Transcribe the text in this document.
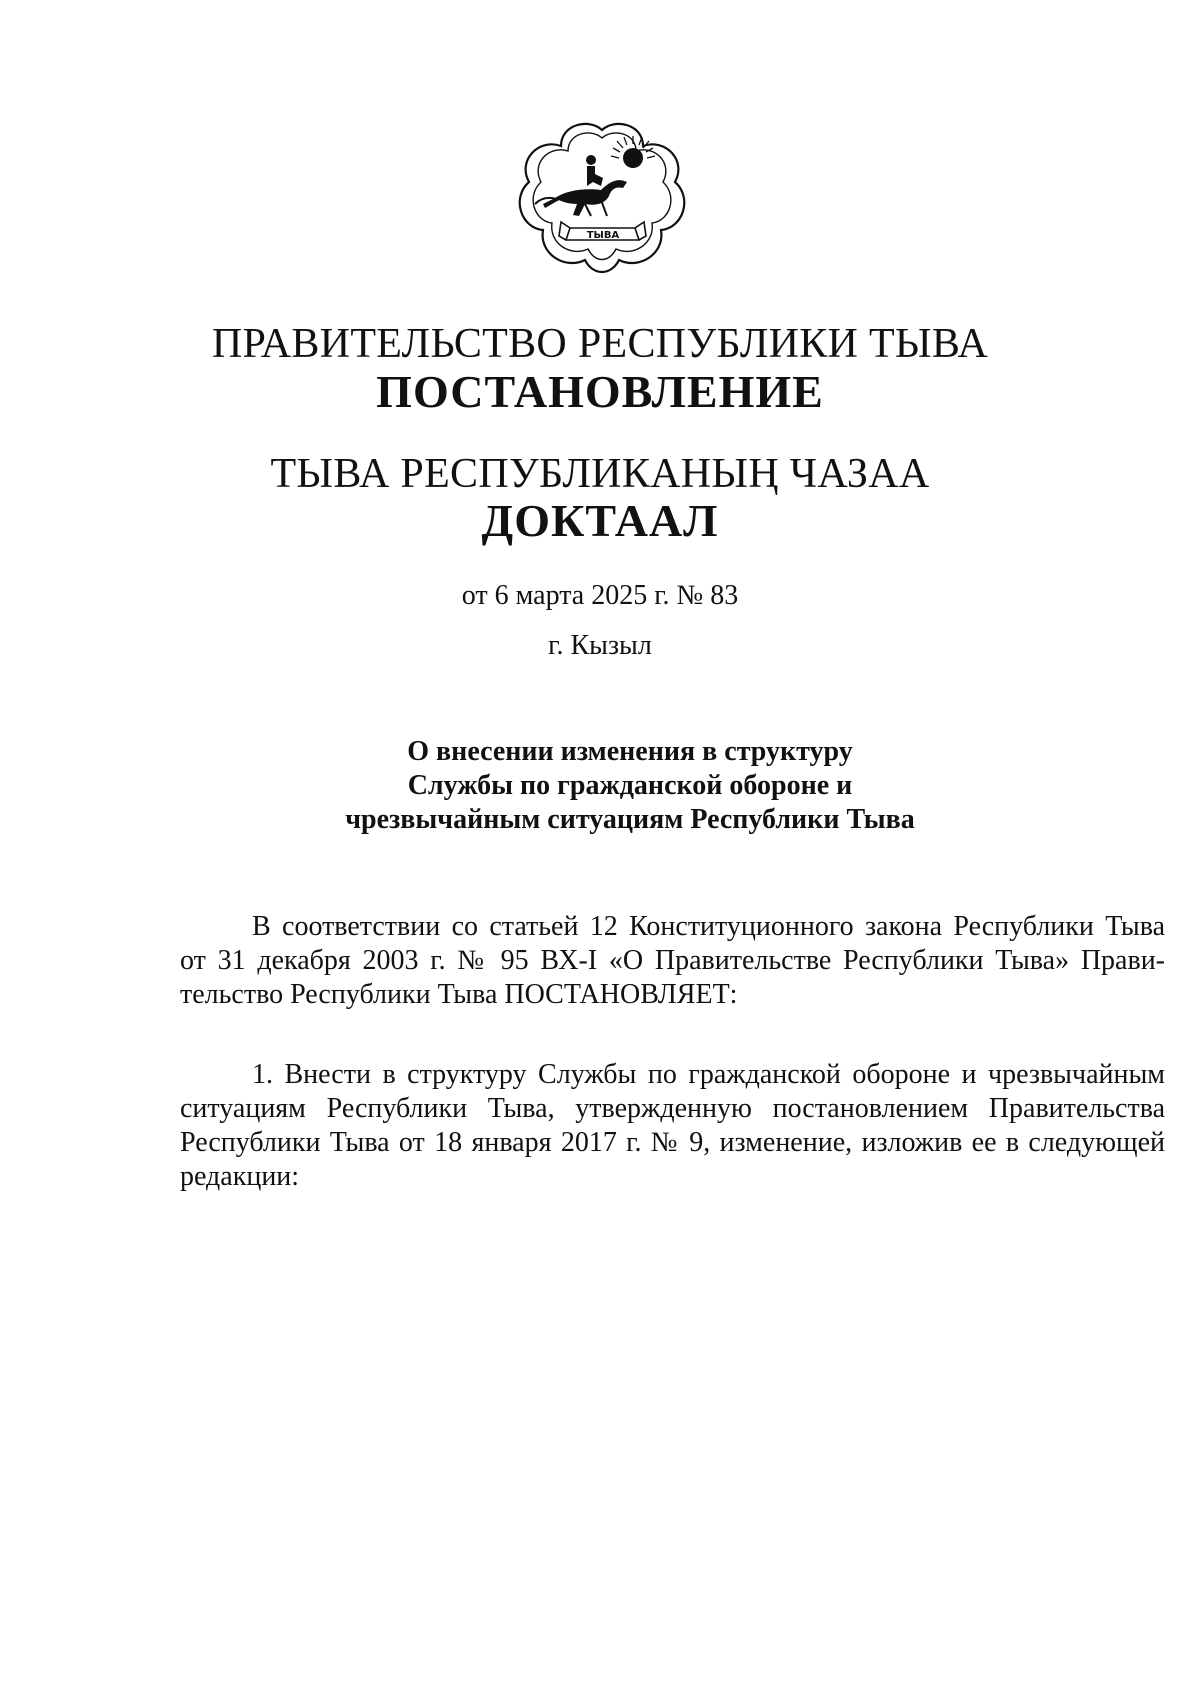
ТЫВА
ПРАВИТЕЛЬСТВО РЕСПУБЛИКИ ТЫВА
ПОСТАНОВЛЕНИЕ
ТЫВА РЕСПУБЛИКАНЫҢ ЧАЗАА
ДОКТААЛ
от 6 марта 2025 г. № 83
г. Кызыл
О внесении изменения в структуру
Службы по гражданской обороне и
чрезвычайным ситуациям Республики Тыва
В соответствии со статьей 12 Конституционного закона Республики Тыва
от 31 декабря 2003 г. № 95 ВХ-I «О Правительстве Республики Тыва» Прави-
тельство Республики Тыва ПОСТАНОВЛЯЕТ:
1. Внести в структуру Службы по гражданской обороне и чрезвычайным
ситуациям Республики Тыва, утвержденную постановлением Правительства
Республики Тыва от 18 января 2017 г. № 9, изменение, изложив ее в следующей
редакции:
